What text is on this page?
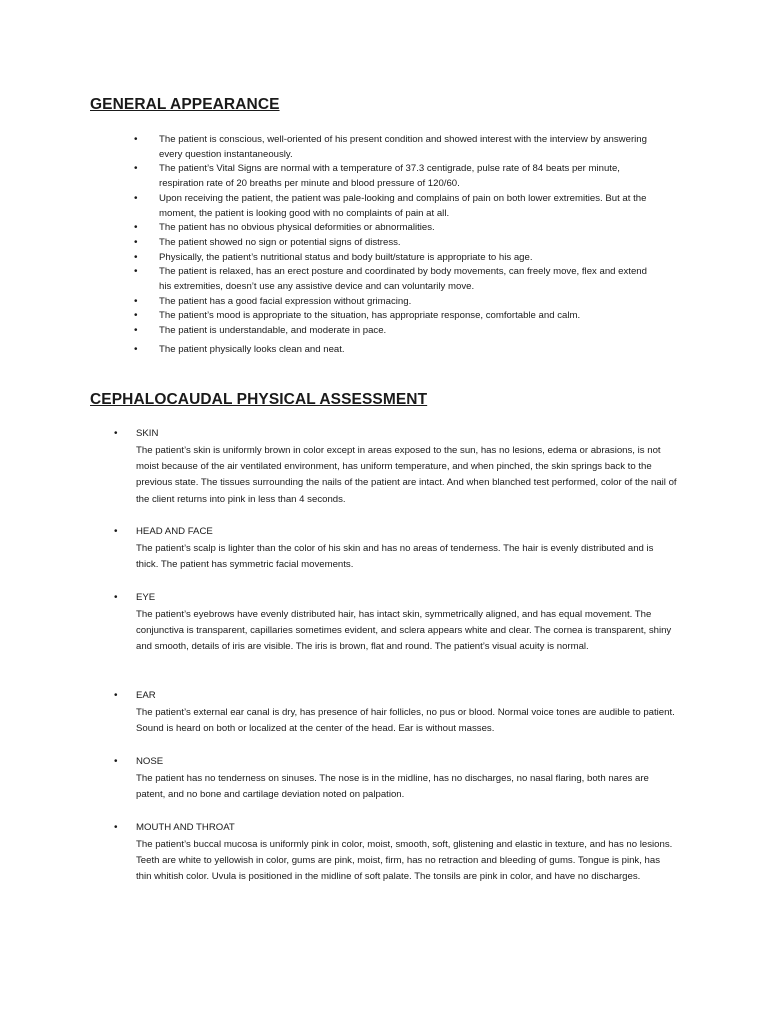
GENERAL APPEARANCE
• The patient is conscious, well-oriented of his present condition and showed interest with the interview by answering every question instantaneously.
• The patient’s Vital Signs are normal with a temperature of 37.3 centigrade, pulse rate of 84 beats per minute, respiration rate of 20 breaths per minute and blood pressure of 120/60.
• Upon receiving the patient, the patient was pale-looking and complains of pain on both lower extremities. But at the moment, the patient is looking good with no complaints of pain at all.
• The patient has no obvious physical deformities or abnormalities.
• The patient showed no sign or potential signs of distress.
• Physically, the patient’s nutritional status and body built/stature is appropriate to his age.
• The patient is relaxed, has an erect posture and coordinated by body movements, can freely move, flex and extend his extremities, doesn’t use any assistive device and can voluntarily move.
• The patient has a good facial expression without grimacing.
• The patient’s mood is appropriate to the situation, has appropriate response, comfortable and calm.
• The patient is understandable, and moderate in pace.
• The patient physically looks clean and neat.
CEPHALOCAUDAL PHYSICAL ASSESSMENT
• SKIN
The patient’s skin is uniformly brown in color except in areas exposed to the sun, has no lesions, edema or abrasions, is not moist because of the air ventilated environment, has uniform temperature, and when pinched, the skin springs back to the previous state. The tissues surrounding the nails of the patient are intact. And when blanched test performed, color of the nail of the client returns into pink in less than 4 seconds.
• HEAD AND FACE
The patient’s scalp is lighter than the color of his skin and has no areas of tenderness. The hair is evenly distributed and is thick. The patient has symmetric facial movements.
• EYE
The patient’s eyebrows have evenly distributed hair, has intact skin, symmetrically aligned, and has equal movement. The conjunctiva is transparent, capillaries sometimes evident, and sclera appears white and clear. The cornea is transparent, shiny and smooth, details of iris are visible. The iris is brown, flat and round. The patient’s visual acuity is normal.
• EAR
The patient’s external ear canal is dry, has presence of hair follicles, no pus or blood. Normal voice tones are audible to patient. Sound is heard on both or localized at the center of the head. Ear is without masses.
• NOSE
The patient has no tenderness on sinuses. The nose is in the midline, has no discharges, no nasal flaring, both nares are patent, and no bone and cartilage deviation noted on palpation.
• MOUTH AND THROAT
The patient’s buccal mucosa is uniformly pink in color, moist, smooth, soft, glistening and elastic in texture, and has no lesions. Teeth are white to yellowish in color, gums are pink, moist, firm, has no retraction and bleeding of gums. Tongue is pink, has thin whitish color. Uvula is positioned in the midline of soft palate. The tonsils are pink in color, and have no discharges.
